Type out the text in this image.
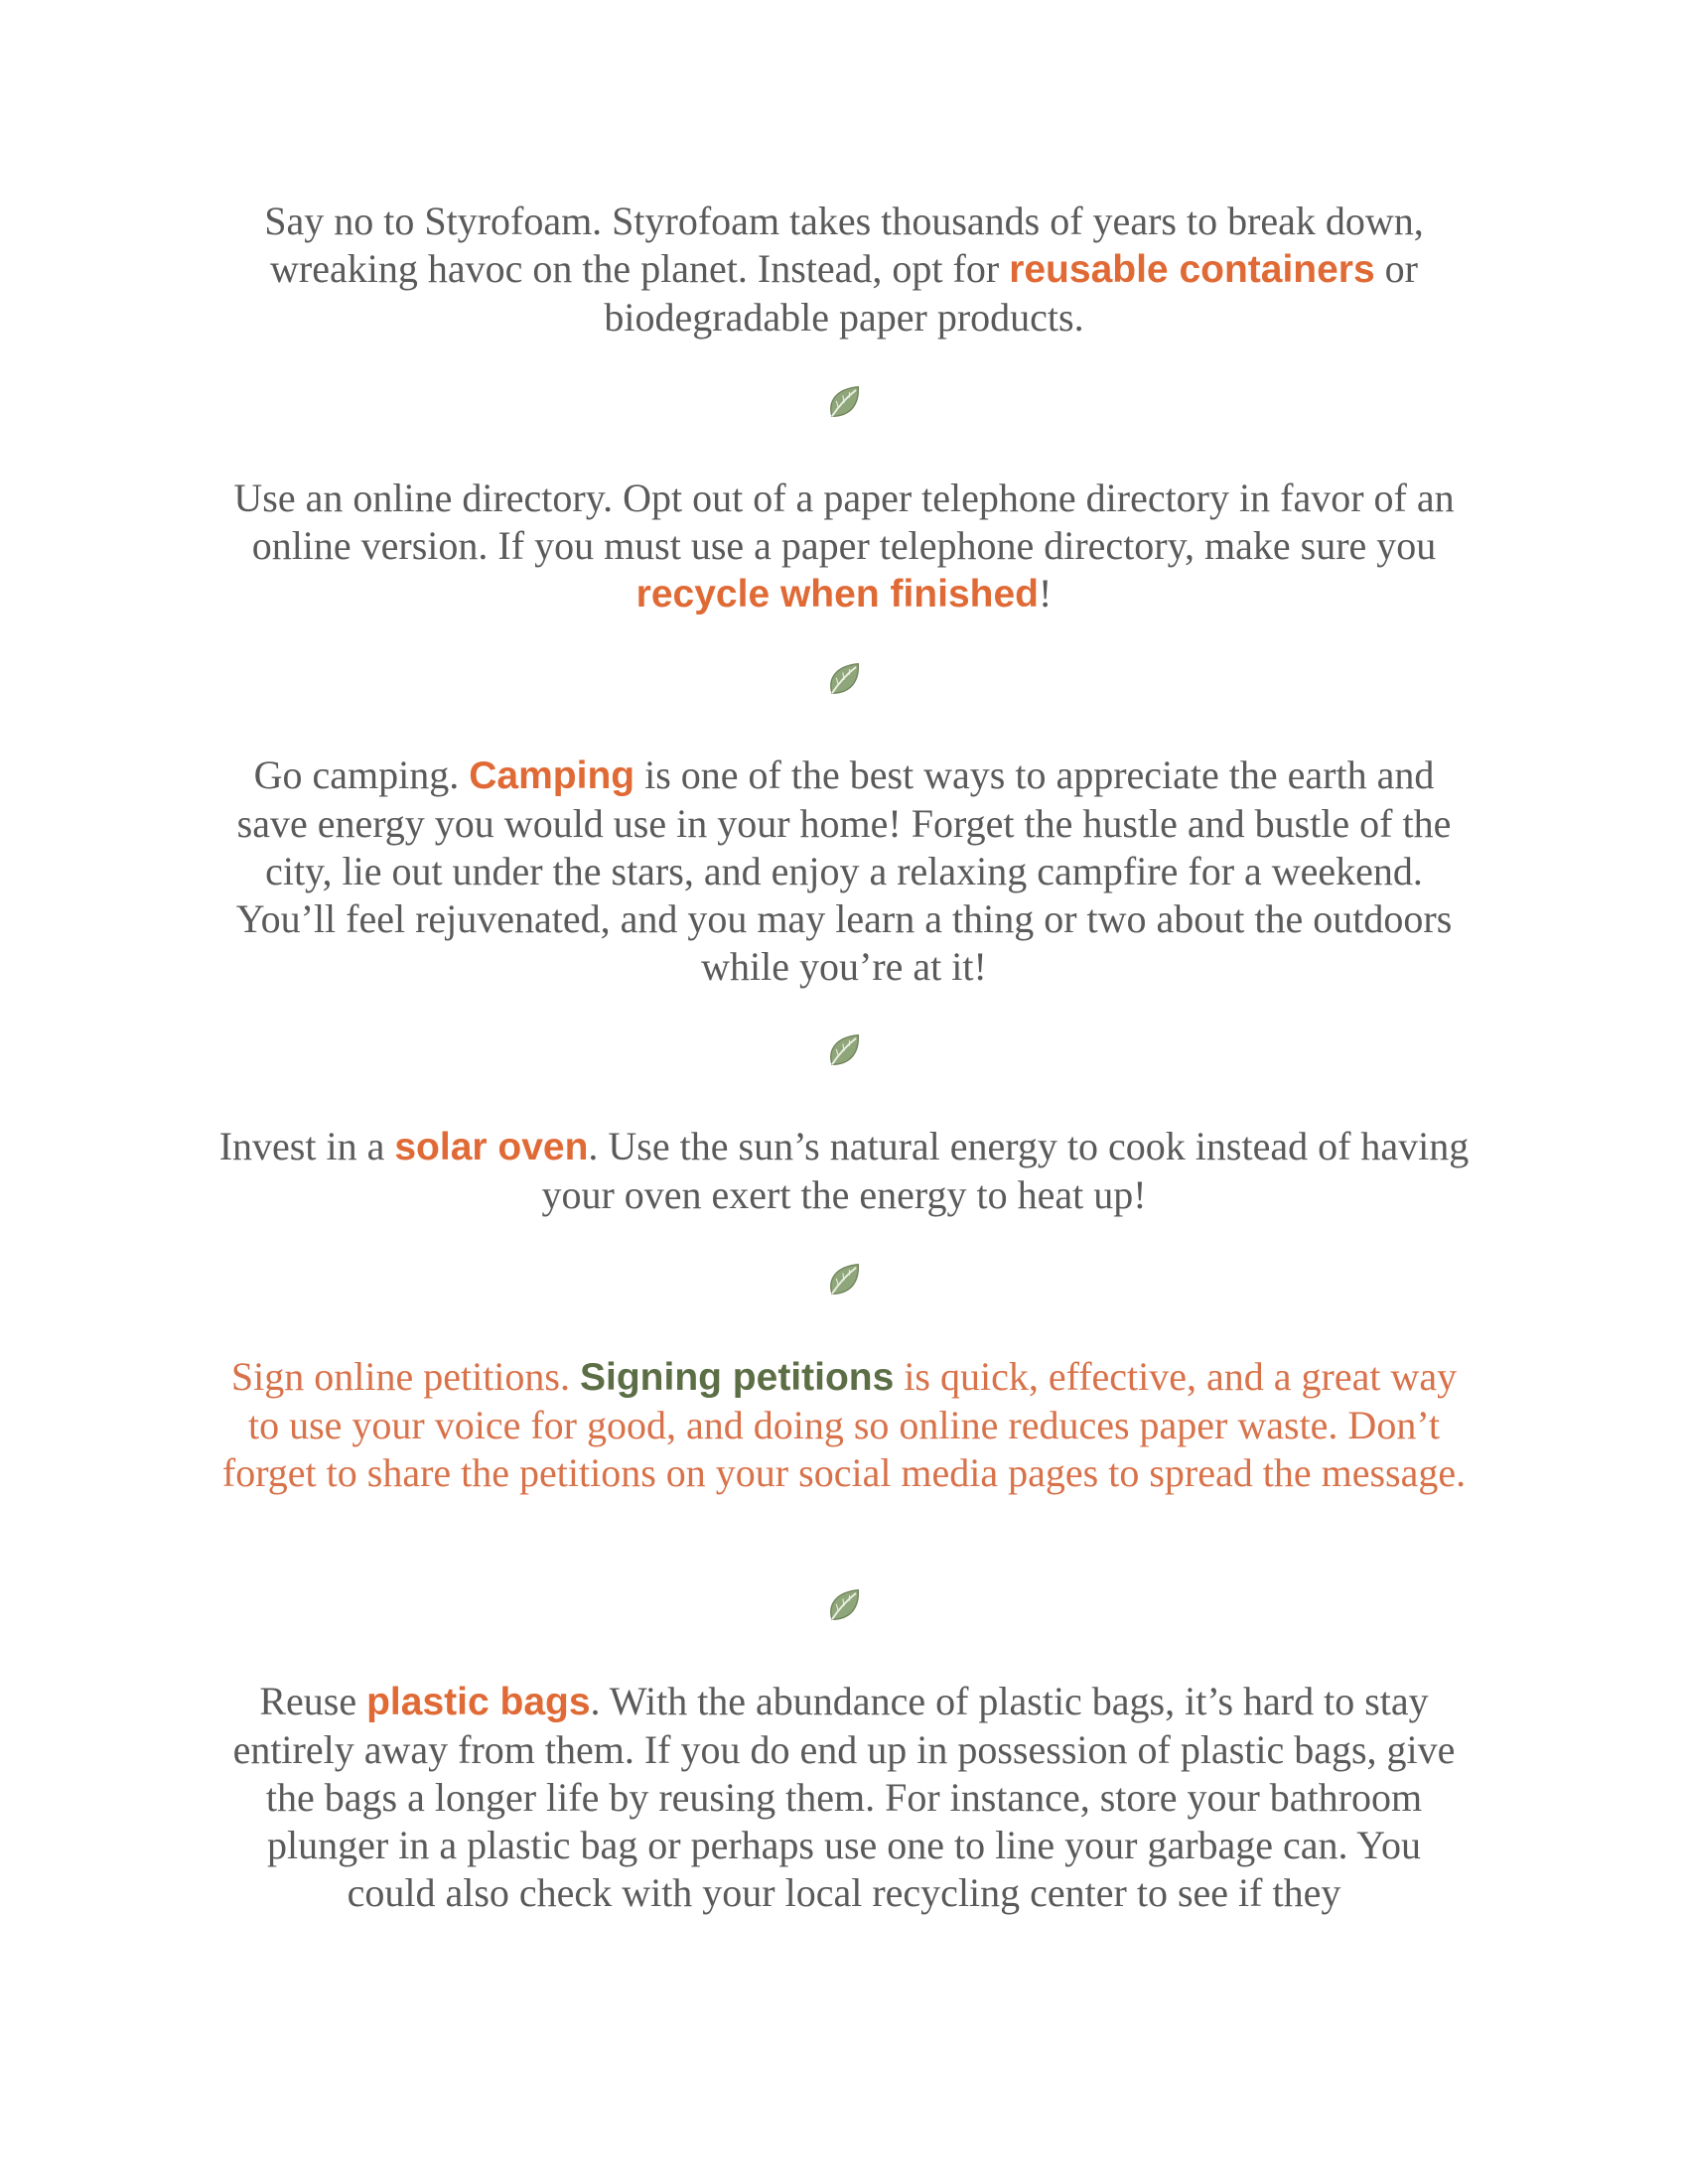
Say no to Styrofoam. Styrofoam takes thousands of years to break down, wreaking havoc on the planet. Instead, opt for reusable containers or biodegradable paper products.

Use an online directory. Opt out of a paper telephone directory in favor of an online version. If you must use a paper telephone directory, make sure you recycle when finished!

Go camping. Camping is one of the best ways to appreciate the earth and save energy you would use in your home! Forget the hustle and bustle of the city, lie out under the stars, and enjoy a relaxing campfire for a weekend. You’ll feel rejuvenated, and you may learn a thing or two about the outdoors while you’re at it!

Invest in a solar oven. Use the sun’s natural energy to cook instead of having your oven exert the energy to heat up!

Sign online petitions. Signing petitions is quick, effective, and a great way to use your voice for good, and doing so online reduces paper waste. Don’t forget to share the petitions on your social media pages to spread the message.

Reuse plastic bags. With the abundance of plastic bags, it’s hard to stay entirely away from them. If you do end up in possession of plastic bags, give the bags a longer life by reusing them. For instance, store your bathroom plunger in a plastic bag or perhaps use one to line your garbage can. You could also check with your local recycling center to see if they
